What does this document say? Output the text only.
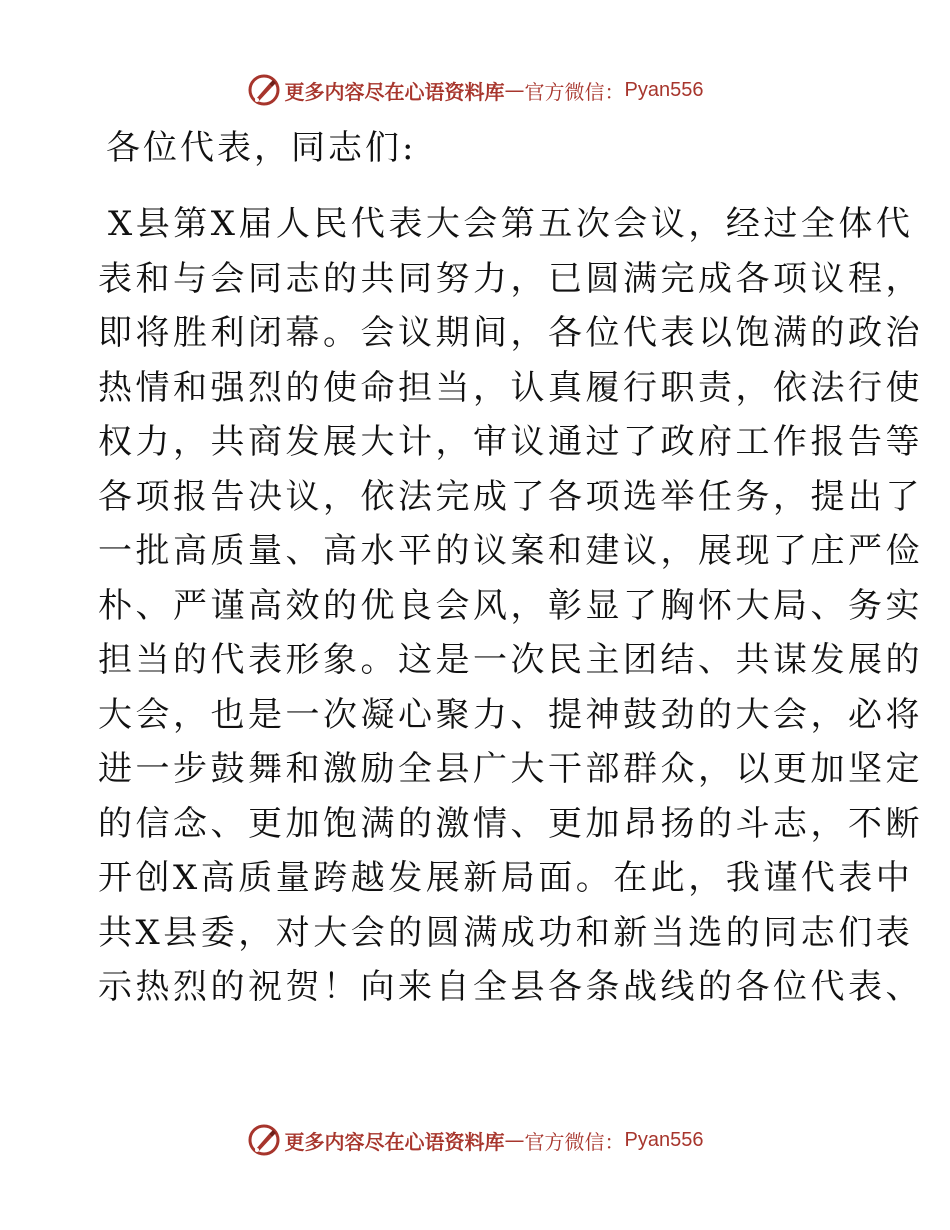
更多内容尽在心语资料库 — 官方微信： Pyan556
各位代表，同志们:
X县第X届人民代表大会第五次会议，经过全体代
表和与会同志的共同努力，已圆满完成各项议程，
即将胜利闭幕。会议期间，各位代表以饱满的政治
热情和强烈的使命担当，认真履行职责，依法行使
权力，共商发展大计，审议通过了政府工作报告等
各项报告决议，依法完成了各项选举任务，提出了
一批高质量、高水平的议案和建议，展现了庄严俭
朴、严谨高效的优良会风，彰显了胸怀大局、务实
担当的代表形象。这是一次民主团结、共谋发展的
大会，也是一次凝心聚力、提神鼓劲的大会，必将
进一步鼓舞和激励全县广大干部群众，以更加坚定
的信念、更加饱满的激情、更加昂扬的斗志，不断
开创X高质量跨越发展新局面。在此，我谨代表中
共X县委，对大会的圆满成功和新当选的同志们表
示热烈的祝贺！向来自全县各条战线的各位代表、
更多内容尽在心语资料库 — 官方微信： Pyan556
